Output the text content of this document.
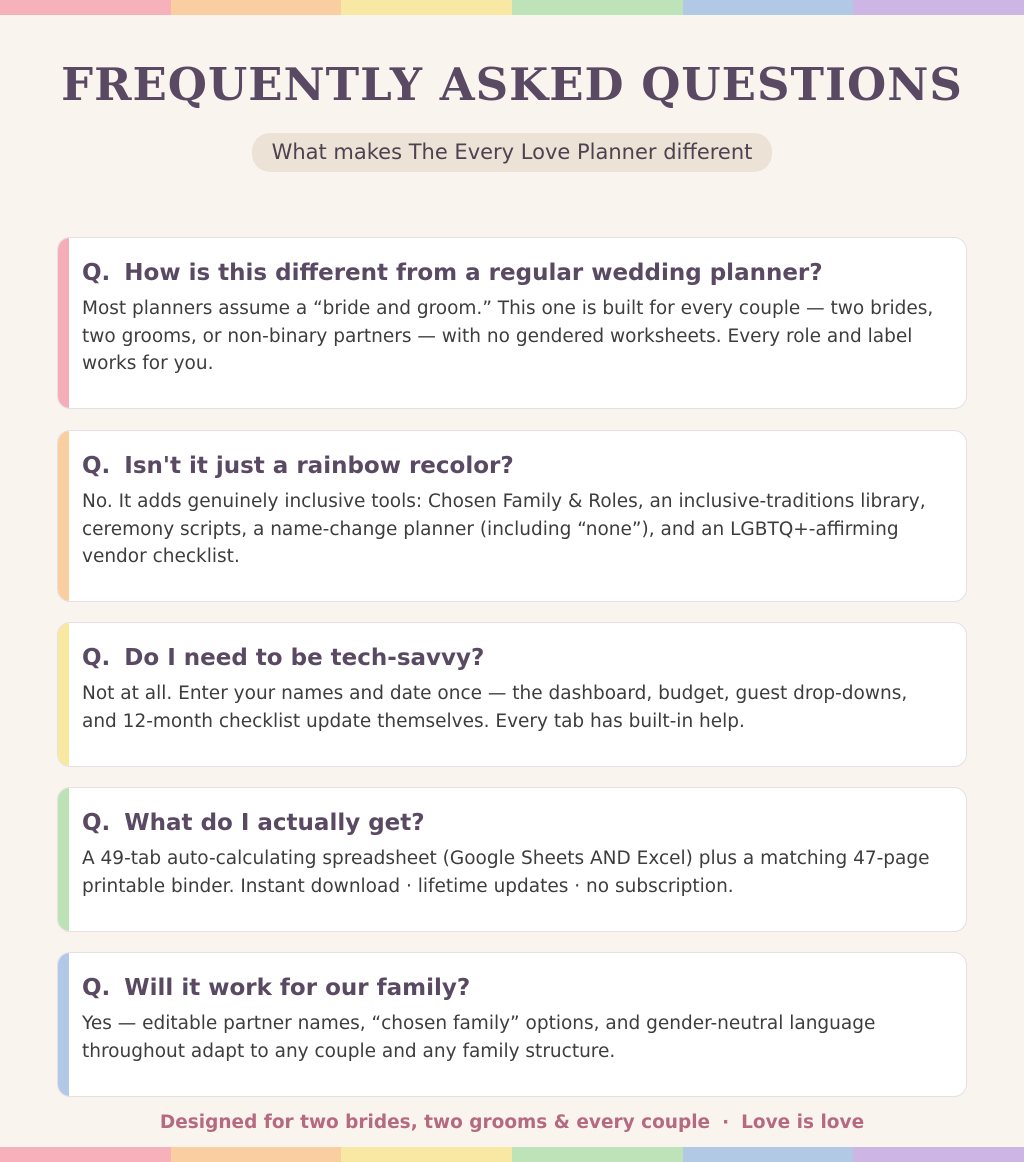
FREQUENTLY ASKED QUESTIONS
What makes The Every Love Planner different
Q. How is this different from a regular wedding planner?
Most planners assume a “bride and groom.” This one is built for every couple — two brides, two grooms, or non-binary partners — with no gendered worksheets. Every role and label works for you.
Q. Isn't it just a rainbow recolor?
No. It adds genuinely inclusive tools: Chosen Family & Roles, an inclusive-traditions library, ceremony scripts, a name-change planner (including “none”), and an LGBTQ+-affirming vendor checklist.
Q. Do I need to be tech-savvy?
Not at all. Enter your names and date once — the dashboard, budget, guest drop-downs, and 12-month checklist update themselves. Every tab has built-in help.
Q. What do I actually get?
A 49-tab auto-calculating spreadsheet (Google Sheets AND Excel) plus a matching 47-page printable binder. Instant download · lifetime updates · no subscription.
Q. Will it work for our family?
Yes — editable partner names, “chosen family” options, and gender-neutral language throughout adapt to any couple and any family structure.
Designed for two brides, two grooms & every couple · Love is love
